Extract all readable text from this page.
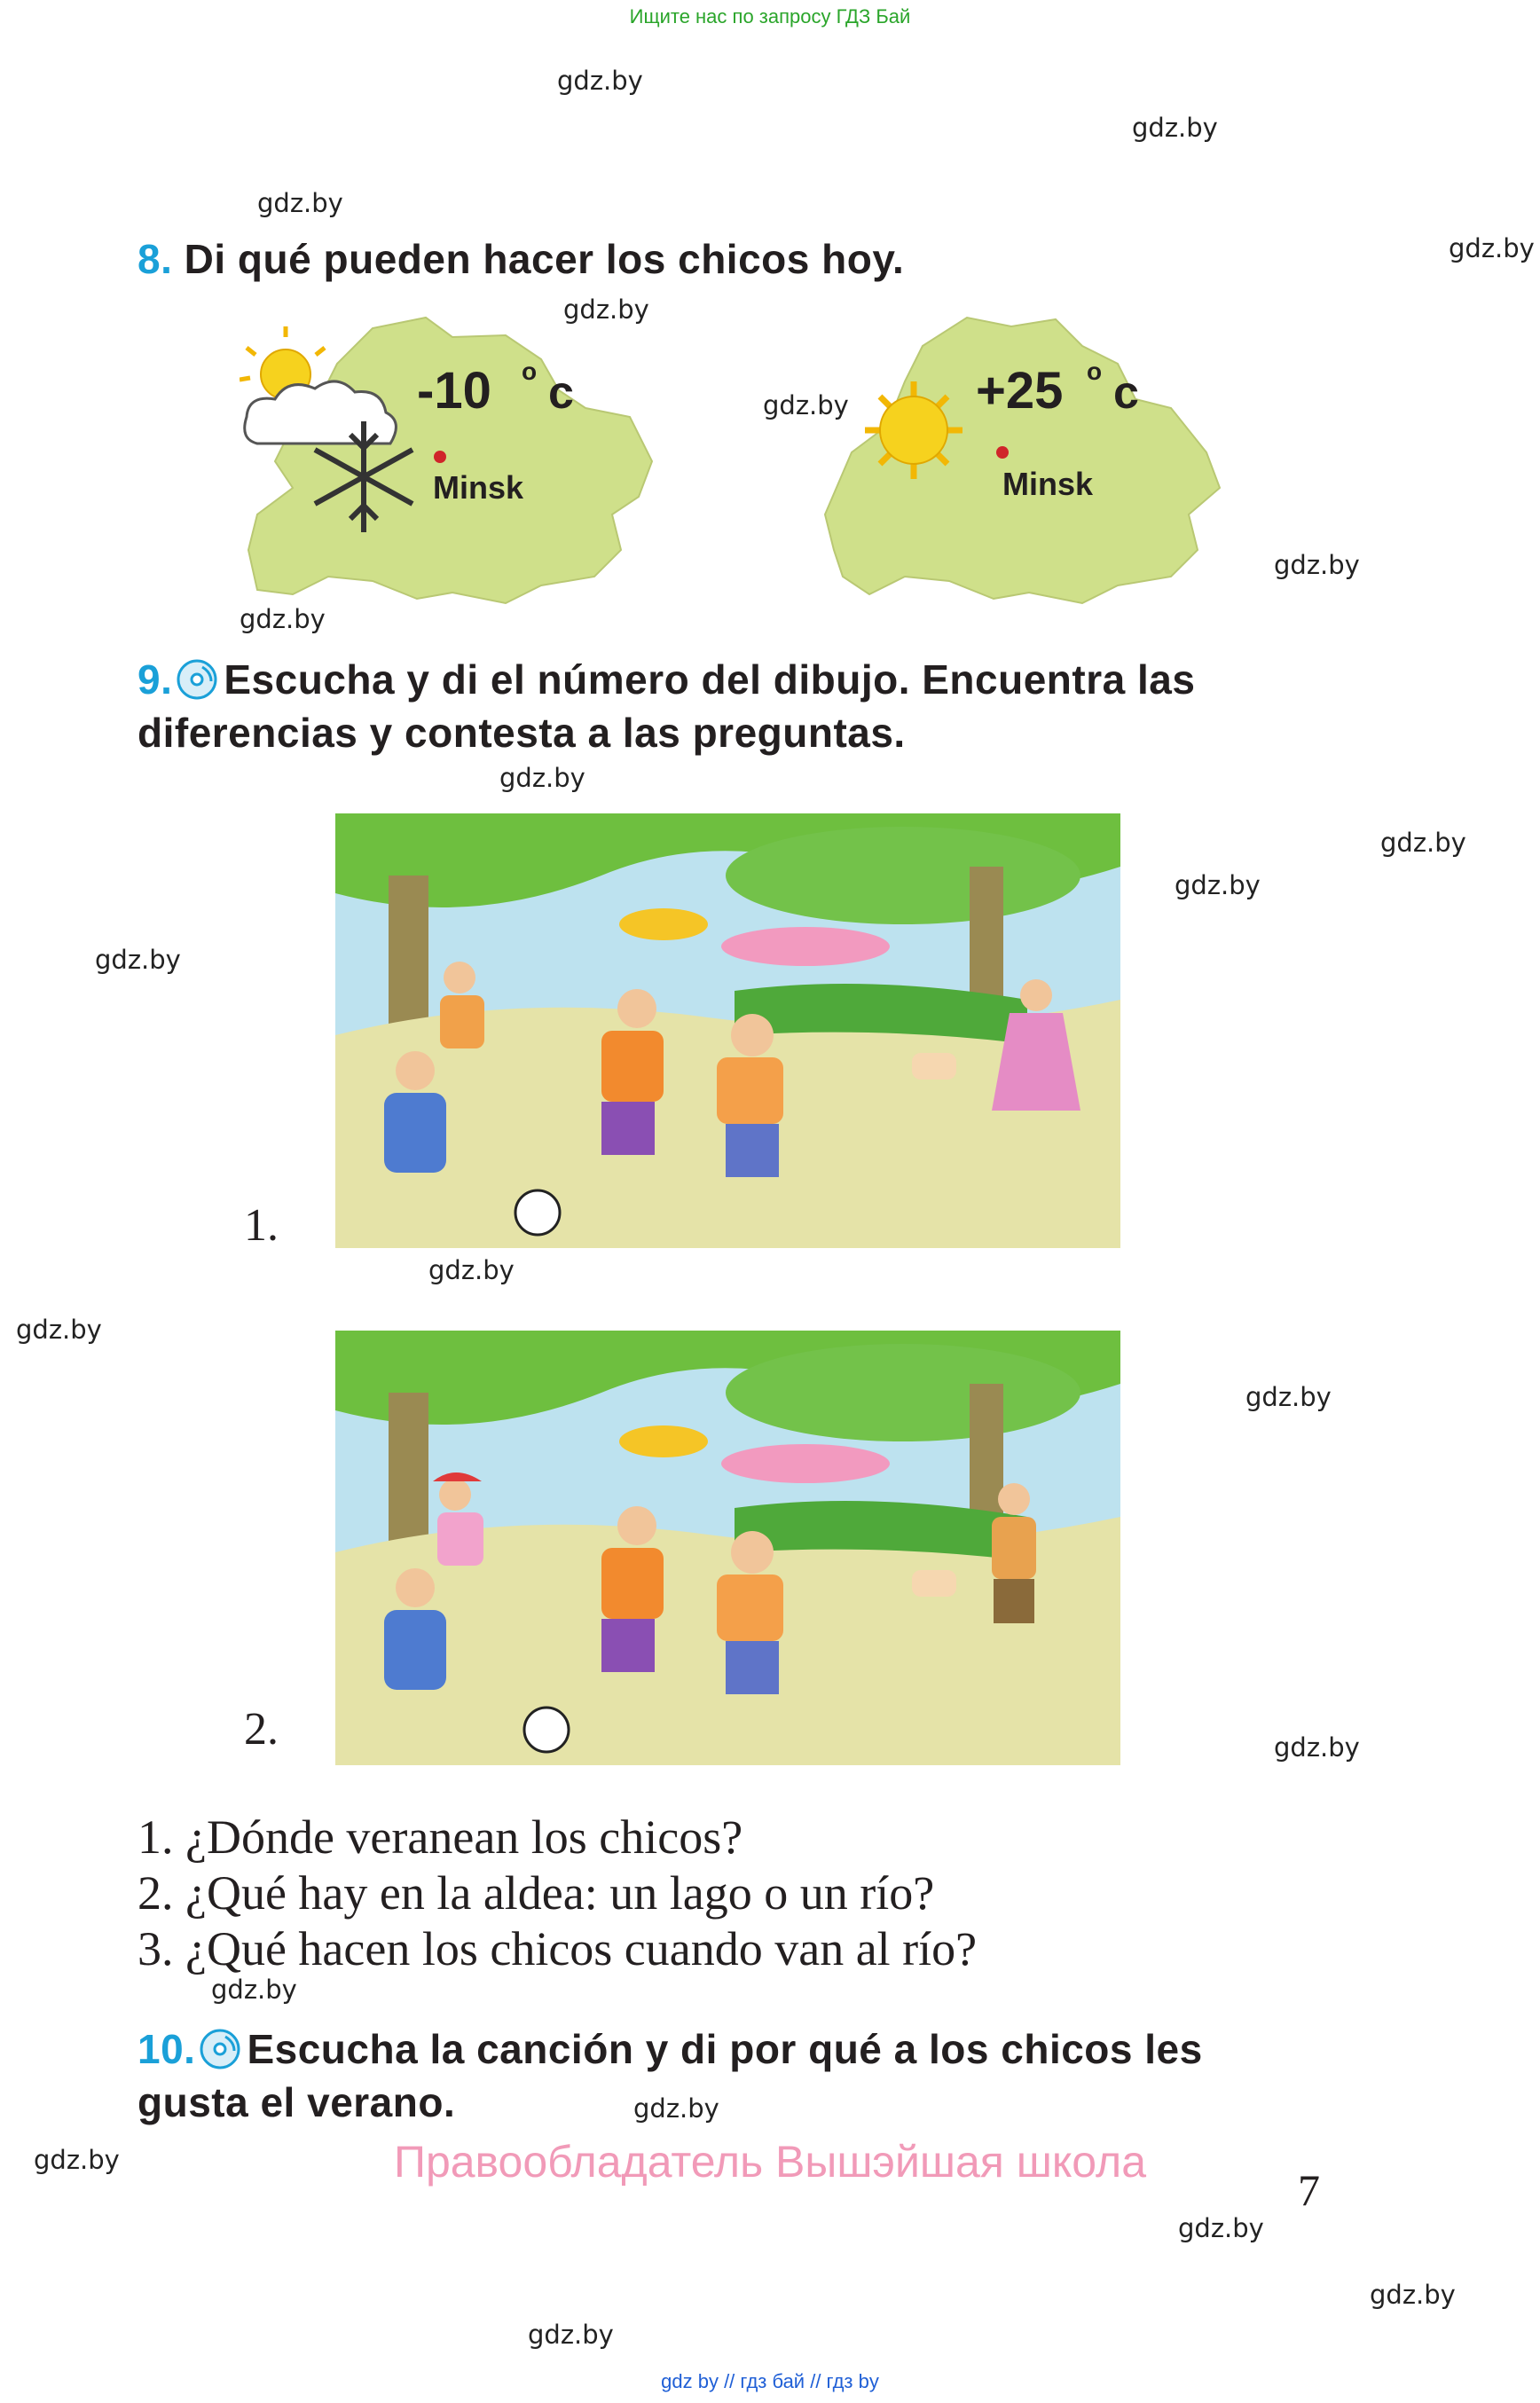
Ищите нас по запросу ГДЗ Бай
gdz.by
gdz.by
gdz.by
gdz.by
gdz.by
gdz.by
gdz.by
gdz.by
gdz.by
gdz.by
gdz.by
gdz.by
gdz.by
gdz.by
gdz.by
gdz.by
gdz.by
gdz.by
gdz.by
gdz.by
gdz.by
gdz.by
8. Di qué pueden hacer los chicos hoy.
-10 o c
Minsk
+25 o c
Minsk
9. Escucha y di el número del dibujo. Encuentra las
diferencias y contesta a las preguntas.
1.
2.
1. ¿Dónde veranean los chicos?
2. ¿Qué hay en la aldea: un lago o un río?
3. ¿Qué hacen los chicos cuando van al río?
10. Escucha la canción y di por qué a los chicos les
gusta el verano.
Правообладатель Вышэйшая школа
7
gdz by // гдз бай // гдз by
